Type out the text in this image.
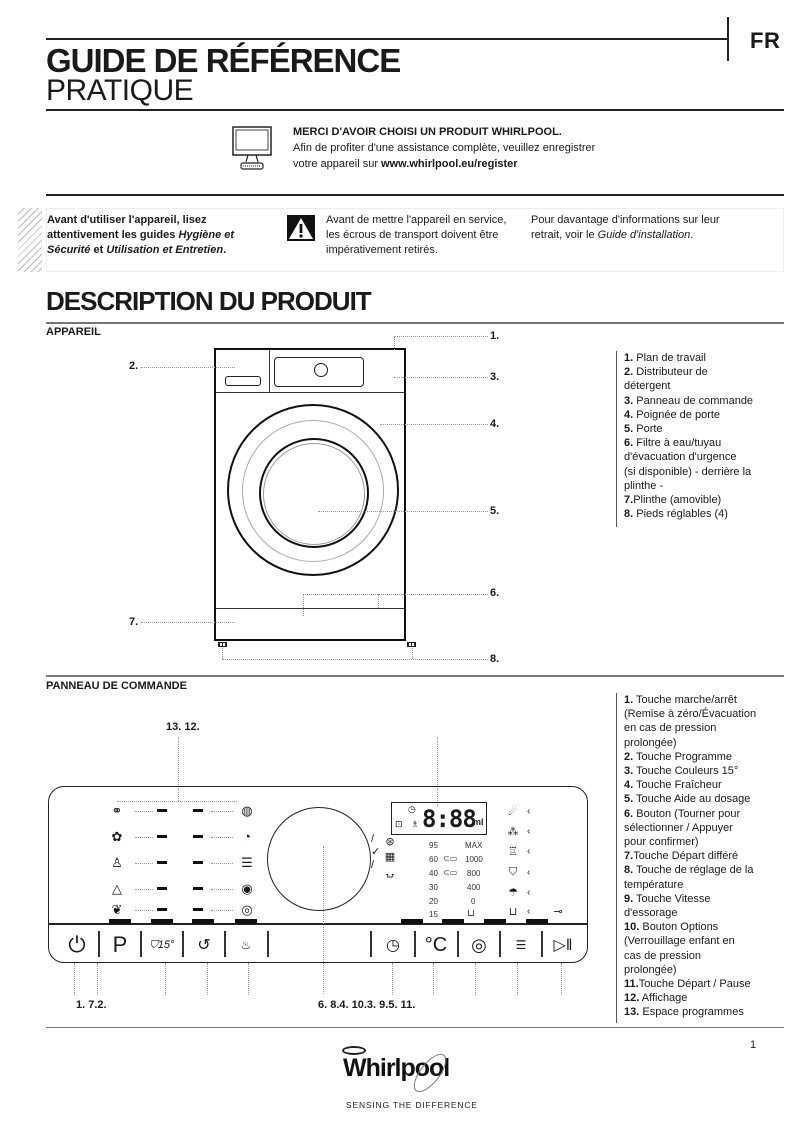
FR
GUIDE DE RÉFÉRENCE
PRATIQUE
MERCI D'AVOIR CHOISI UN PRODUIT WHIRLPOOL.
Afin de profiter d'une assistance complète, veuillez enregistrer
votre appareil sur www.whirlpool.eu/register
Avant d'utiliser l'appareil, lisez
attentivement les guides Hygiène et
Sécurité et Utilisation et Entretien.
Avant de mettre l'appareil en service,
les écrous de transport doivent être
impérativement retirés.
Pour davantage d'informations sur leur
retrait, voir le Guide d'installation.
DESCRIPTION DU PRODUIT
APPAREIL	1.
2.
3.
4.
5.
6.
7.
8.
1. Plan de travail
2. Distributeur de
détergent
3. Panneau de commande
4. Poignée de porte
5. Porte
6. Filtre à eau/tuyau
d'évacuation d'urgence
(si disponible) - derrière la
plinthe -
7.Plinthe (amovible)
8. Pieds réglables (4)
PANNEAU DE COMMANDE
13. 12.
⚭	◍
✿	◔
♙	☰
△	◉
❦	◎
/
✓
/
⊛
▦
⍽
◷
⊡ ♗ 8:88
ml
95
60
40
30
20
15
⊂▭
⊂▭
MAX
1000
800
400
0
⊔
☄
⁂
♖
⛉
☂
⊔
‹
‹
‹
‹
‹
‹	⊸
⏻ P ⛉15° ↺ ♨	◷ °C ◎ ☰ ▷‖
1. 7.2.	6. 8.4. 10.3. 9.5. 11.
1. Touche marche/arrêt
(Remise à zéro/Évacuation
en cas de pression
prolongée)
2. Touche Programme
3. Touche Couleurs 15°
4. Touche Fraîcheur
5. Touche Aide au dosage
6. Bouton (Tourner pour
sélectionner / Appuyer
pour confirmer)
7.Touche Départ différé
8. Touche de réglage de la
température
9. Touche Vitesse
d'essorage
10. Bouton Options
(Verrouillage enfant en
cas de pression
prolongée)
11.Touche Départ / Pause
12. Affichage
13. Espace programmes
1
Whirlpool
SENSING THE DIFFERENCE
